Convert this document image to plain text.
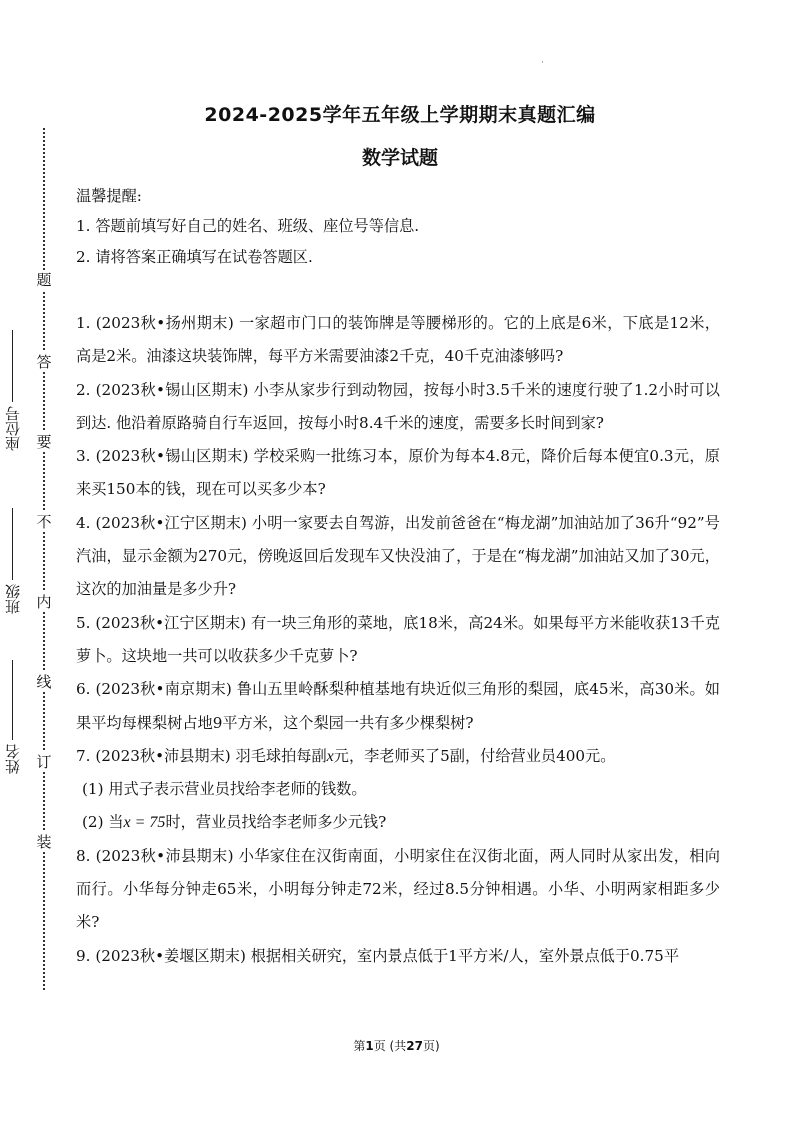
题
答
要
不
内
线
订
装
座位号
班级
姓名
·
2024-2025学年五年级上学期期末真题汇编
数学试题

温馨提醒:

1. 答题前填写好自己的姓名、班级、座位号等信息.

2. 请将答案正确填写在试卷答题区.

1. (2023秋•扬州期末) 一家超市门口的装饰牌是等腰梯形的。它的上底是6米，下底是12米，高是2米。油漆这块装饰牌，每平方米需要油漆2千克，40千克油漆够吗?

2. (2023秋•锡山区期末) 小李从家步行到动物园，按每小时3.5千米的速度行驶了1.2小时可以到达. 他沿着原路骑自行车返回，按每小时8.4千米的速度，需要多长时间到家?

3. (2023秋•锡山区期末) 学校采购一批练习本，原价为每本4.8元，降价后每本便宜0.3元，原来买150本的钱，现在可以买多少本?

4. (2023秋•江宁区期末) 小明一家要去自驾游，出发前爸爸在“梅龙湖”加油站加了36升“92”号汽油，显示金额为270元，傍晚返回后发现车又快没油了，于是在“梅龙湖”加油站又加了30元，这次的加油量是多少升?

5. (2023秋•江宁区期末) 有一块三角形的菜地，底18米，高24米。如果每平方米能收获13千克萝卜。这块地一共可以收获多少千克萝卜?

6. (2023秋•南京期末) 鲁山五里岭酥梨种植基地有块近似三角形的梨园，底45米，高30米。如果平均每棵梨树占地9平方米，这个梨园一共有多少棵梨树?

7. (2023秋•沛县期末) 羽毛球拍每副x元，李老师买了5副，付给营业员400元。

(1) 用式子表示营业员找给李老师的钱数。

(2) 当x = 75时，营业员找给李老师多少元钱?

8. (2023秋•沛县期末) 小华家住在汉街南面，小明家住在汉街北面，两人同时从家出发，相向而行。小华每分钟走65米，小明每分钟走72米，经过8.5分钟相遇。小华、小明两家相距多少米?

9. (2023秋•姜堰区期末) 根据相关研究，室内景点低于1平方米/人，室外景点低于0.75平

第1页 (共27页)
